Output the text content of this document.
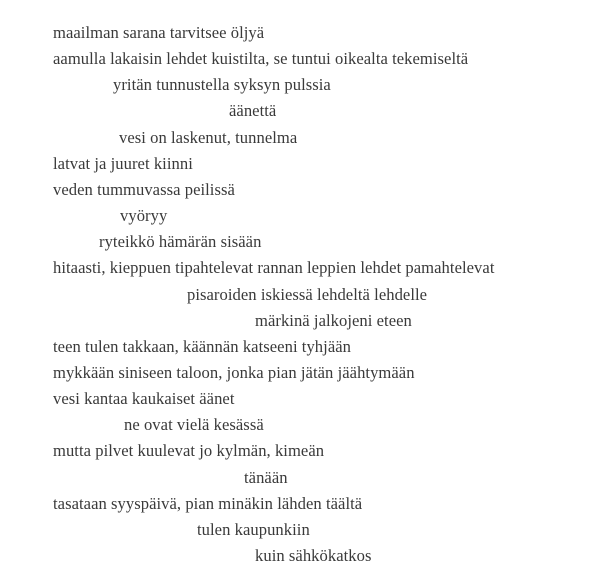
maailman sarana tarvitsee öljyä
aamulla lakaisin lehdet kuistilta, se tuntui oikealta tekemiseltä
yritän tunnustella syksyn pulssia
äänettä
vesi on laskenut, tunnelma
latvat ja juuret kiinni
veden tummuvassa peilissä
vyöryy
ryteikkö hämärän sisään
hitaasti, kieppuen tipahtelevat rannan leppien lehdet pamahtelevat
pisaroiden iskiessä lehdeltä lehdelle
märkinä jalkojeni eteen
teen tulen takkaan, käännän katseeni tyhjään
mykkään siniseen taloon, jonka pian jätän jäähtymään
vesi kantaa kaukaiset äänet
ne ovat vielä kesässä
mutta pilvet kuulevat jo kylmän, kimeän
tänään
tasataan syyspäivä, pian minäkin lähden täältä
tulen kaupunkiin
kuin sähkökatkos
